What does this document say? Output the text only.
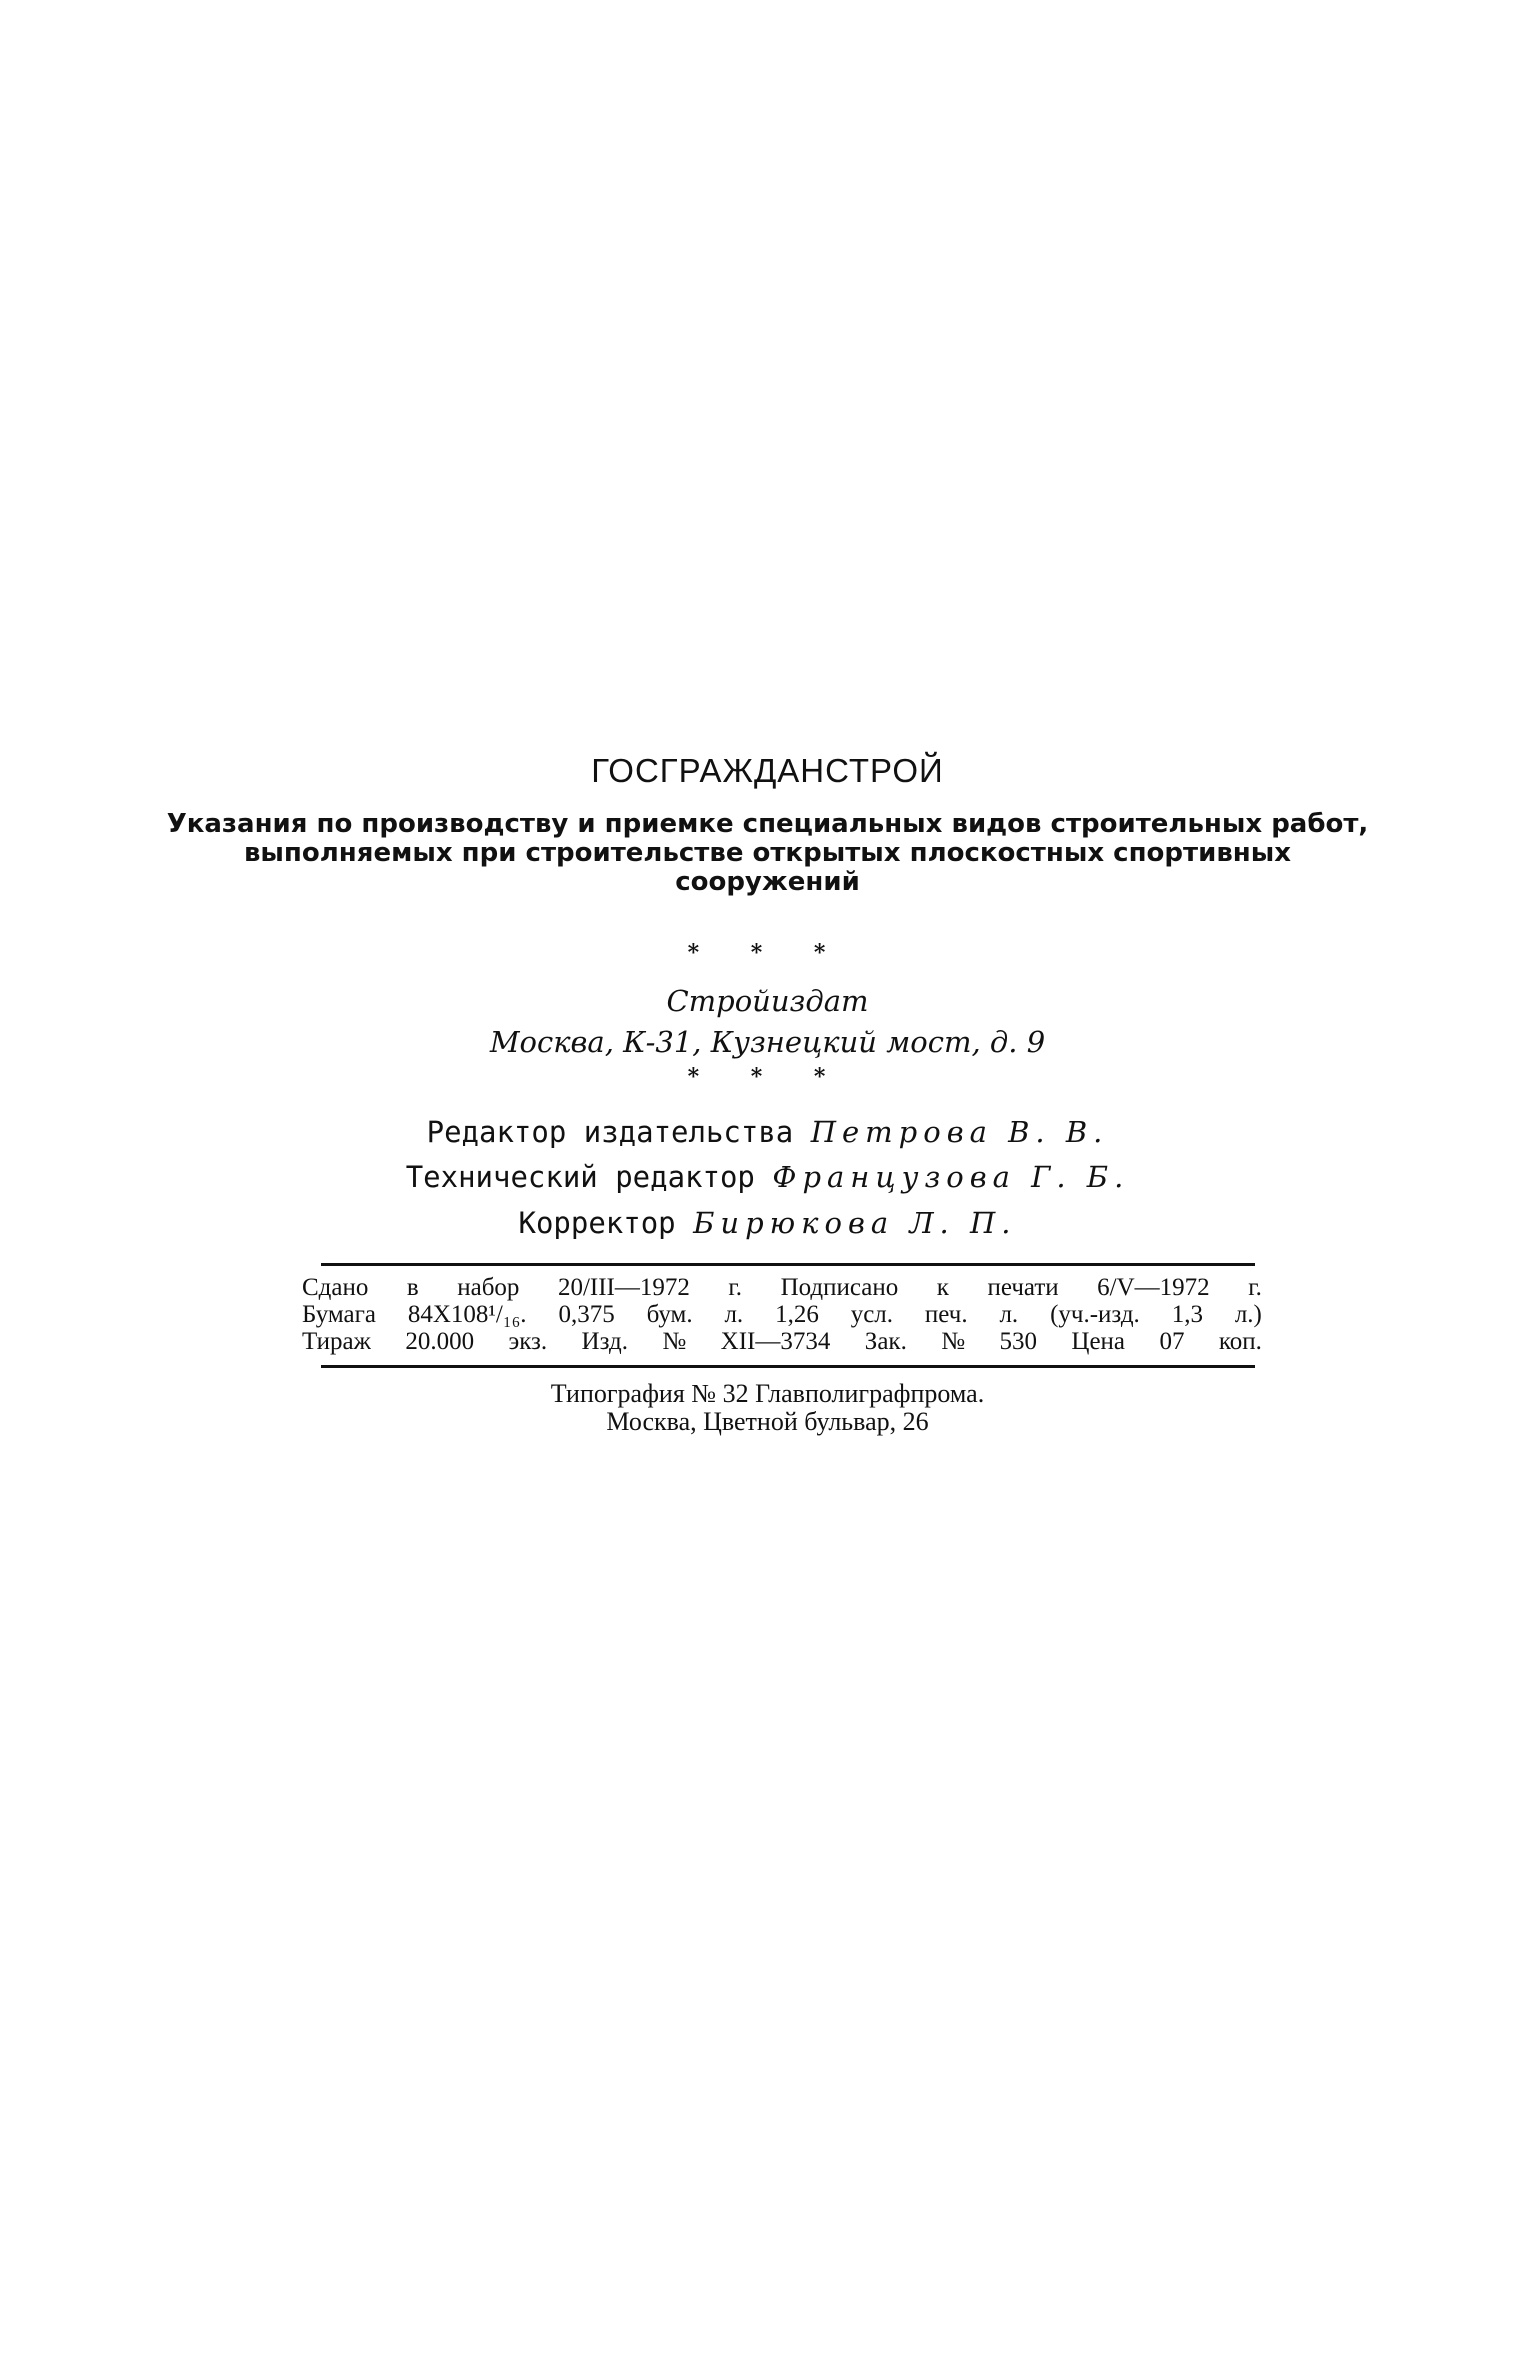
ГОСГРАЖДАНСТРОЙ
Указания по производству и приемке специальных видов строительных работ,
выполняемых при строительстве открытых плоскостных спортивных
сооружений
* * *
Стройиздат
Москва, К-31, Кузнецкий мост, д. 9
* * *
Редактор издательства Петрова В. В.
Технический редактор Французова Г. Б.
Корректор Бирюкова Л. П.
Сдано в набор 20/III—1972 г. Подписано к печати 6/V—1972 г.
Бумага 84X108¹/₁₆. 0,375 бум. л. 1,26 усл. печ. л. (уч.-изд. 1,3 л.)
Тираж 20.000 экз. Изд. № XII—3734 Зак. № 530 Цена 07 коп.
Типография № 32 Главполиграфпрома.
Москва, Цветной бульвар, 26
